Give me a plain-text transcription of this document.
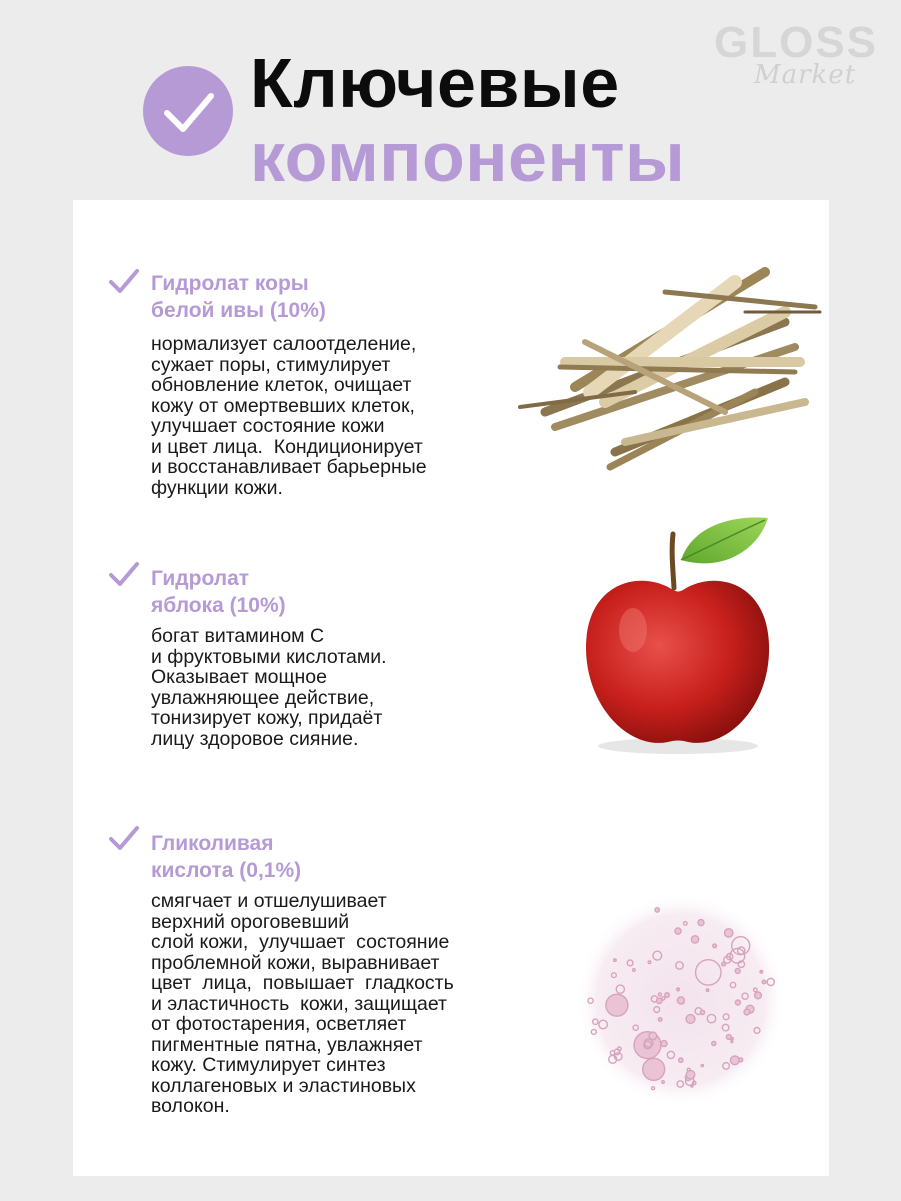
GLOSS
Market
Ключевые
компоненты
Гидролат коры
белой ивы (10%)
нормализует салоотделение,
сужает поры, стимулирует
обновление клеток, очищает
кожу от омертвевших клеток,
улучшает состояние кожи
и цвет лица.  Кондиционирует
и восстанавливает барьерные
функции кожи.
Гидролат
яблока (10%)
богат витамином С
и фруктовыми кислотами.
Оказывает мощное
увлажняющее действие,
тонизирует кожу, придаёт
лицу здоровое сияние.
Гликоливая
кислота (0,1%)
смягчает и отшелушивает
верхний ороговевший
слой кожи,  улучшает  состояние
проблемной кожи, выравнивает
цвет  лица,  повышает  гладкость
и эластичность  кожи, защищает
от фотостарения, осветляет
пигментные пятна, увлажняет
кожу. Стимулирует синтез
коллагеновых и эластиновых
волокон.
